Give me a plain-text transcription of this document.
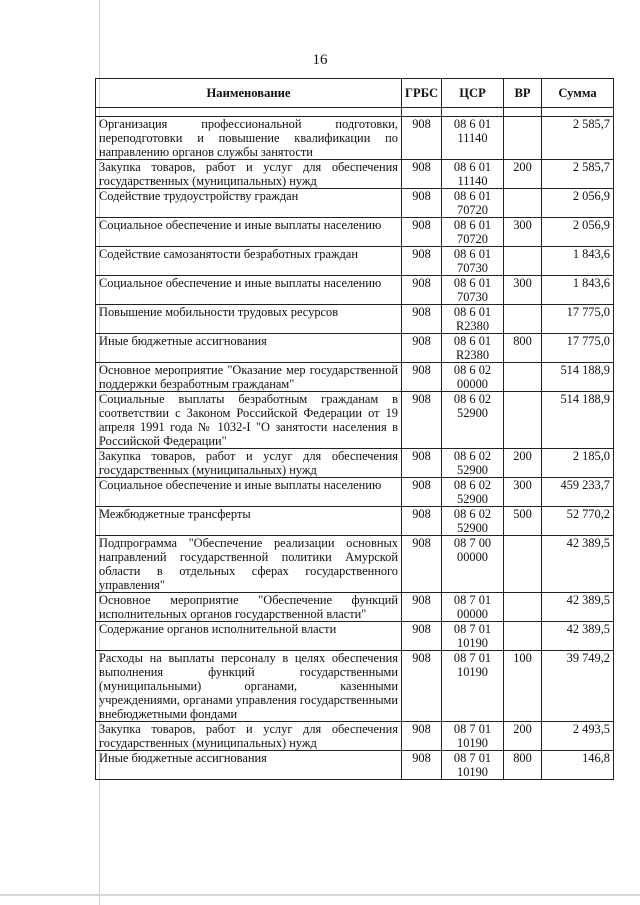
16
Наименование	ГРБС	ЦСР	ВР	Сумма

Организация профессиональной подготовки, переподготовки и повышение квалификации по направлению органов службы занятости	908	08 6 01 11140		2 585,7
Закупка товаров, работ и услуг для обеспечения государственных (муниципальных) нужд	908	08 6 01 11140	200	2 585,7
Содействие трудоустройству граждан	908	08 6 01 70720		2 056,9
Социальное обеспечение и иные выплаты населению	908	08 6 01 70720	300	2 056,9
Содействие самозанятости безработных граждан	908	08 6 01 70730		1 843,6
Социальное обеспечение и иные выплаты населению	908	08 6 01 70730	300	1 843,6
Повышение мобильности трудовых ресурсов	908	08 6 01 R2380		17 775,0
Иные бюджетные ассигнования	908	08 6 01 R2380	800	17 775,0
Основное мероприятие "Оказание мер государственной поддержки безработным гражданам"	908	08 6 02 00000		514 188,9
Социальные выплаты безработным гражданам в соответствии с Законом Российской Федерации от 19 апреля 1991 года № 1032-I "О занятости населения в Российской Федерации"	908	08 6 02 52900		514 188,9
Закупка товаров, работ и услуг для обеспечения государственных (муниципальных) нужд	908	08 6 02 52900	200	2 185,0
Социальное обеспечение и иные выплаты населению	908	08 6 02 52900	300	459 233,7
Межбюджетные трансферты	908	08 6 02 52900	500	52 770,2
Подпрограмма "Обеспечение реализации основных направлений государственной политики Амурской области в отдельных сферах государственного управления"	908	08 7 00 00000		42 389,5
Основное мероприятие "Обеспечение функций исполнительных органов государственной власти"	908	08 7 01 00000		42 389,5
Содержание органов исполнительной власти	908	08 7 01 10190		42 389,5
Расходы на выплаты персоналу в целях обеспечения выполнения функций государственными (муниципальными) органами, казенными учреждениями, органами управления государственными внебюджетными фондами	908	08 7 01 10190	100	39 749,2
Закупка товаров, работ и услуг для обеспечения государственных (муниципальных) нужд	908	08 7 01 10190	200	2 493,5
Иные бюджетные ассигнования	908	08 7 01 10190	800	146,8
